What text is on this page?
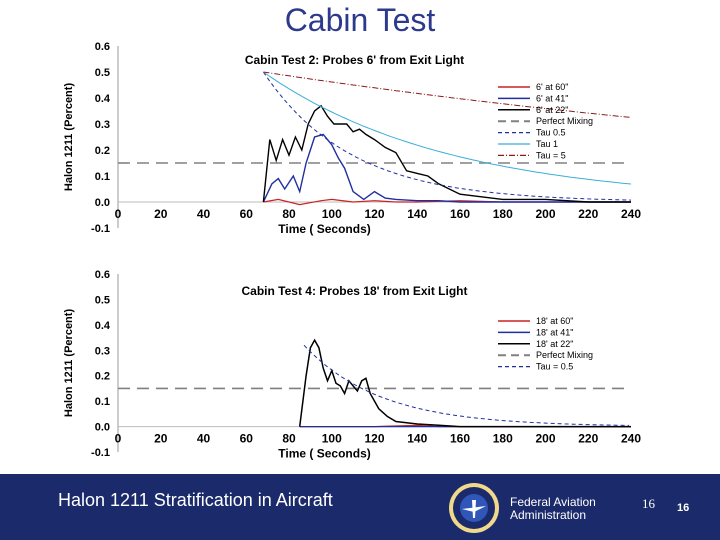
Cabin Test
0.6
0.5
0.4
0.3
0.2
0.1
0.0
-0.1
0	20 40 60 80 100 120 140 160 180 200 220 240
Cabin Test 2: Probes 6' from Exit Light
Time ( Seconds)
Halon 1211 (Percent)	6' at 60"
6' at 41"
6' at 22"
Perfect Mixing
Tau 0.5
Tau 1
Tau = 5
0.6
0.5
0.4
0.3
0.2
0.1
0.0
-0.1
0	20 40 60 80 100 120 140 160 180 200 220 240
Cabin Test 4: Probes 18' from Exit Light
Time ( Seconds)
Halon 1211 (Percent)	18' at 60"
18' at 41"
18' at 22"
Perfect Mixing
Tau = 0.5
Halon 1211 Stratification in Aircraft	Federal Aviation Administration
16 16
